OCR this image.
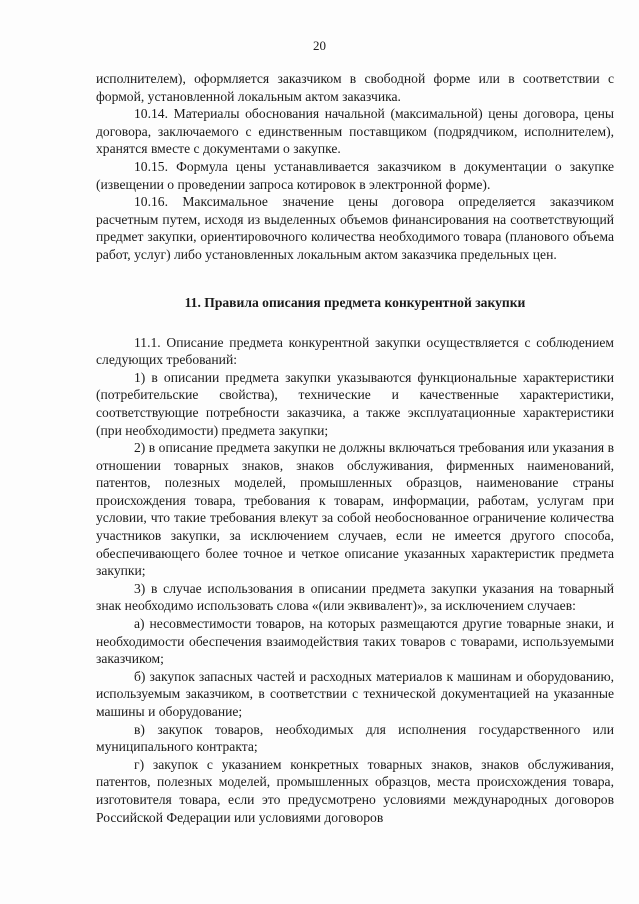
20

исполнителем), оформляется заказчиком в свободной форме или в соответствии с формой, установленной локальным актом заказчика.

10.14. Материалы обоснования начальной (максимальной) цены договора, цены договора, заключаемого с единственным поставщиком (подрядчиком, исполнителем), хранятся вместе с документами о закупке.

10.15. Формула цены устанавливается заказчиком в документации о закупке (извещении о проведении запроса котировок в электронной форме).

10.16. Максимальное значение цены договора определяется заказчиком расчетным путем, исходя из выделенных объемов финансирования на соответствующий предмет закупки, ориентировочного количества необходимого товара (планового объема работ, услуг) либо установленных локальным актом заказчика предельных цен.

11. Правила описания предмета конкурентной закупки

11.1. Описание предмета конкурентной закупки осуществляется с соблюдением следующих требований:

1) в описании предмета закупки указываются функциональные характеристики (потребительские свойства), технические и качественные характеристики, соответствующие потребности заказчика, а также эксплуатационные характеристики (при необходимости) предмета закупки;

2) в описание предмета закупки не должны включаться требования или указания в отношении товарных знаков, знаков обслуживания, фирменных наименований, патентов, полезных моделей, промышленных образцов, наименование страны происхождения товара, требования к товарам, информации, работам, услугам при условии, что такие требования влекут за собой необоснованное ограничение количества участников закупки, за исключением случаев, если не имеется другого способа, обеспечивающего более точное и четкое описание указанных характеристик предмета закупки;

3) в случае использования в описании предмета закупки указания на товарный знак необходимо использовать слова «(или эквивалент)», за исключением случаев:

а) несовместимости товаров, на которых размещаются другие товарные знаки, и необходимости обеспечения взаимодействия таких товаров с товарами, используемыми заказчиком;

б) закупок запасных частей и расходных материалов к машинам и оборудованию, используемым заказчиком, в соответствии с технической документацией на указанные машины и оборудование;

в) закупок товаров, необходимых для исполнения государственного или муниципального контракта;

г) закупок с указанием конкретных товарных знаков, знаков обслуживания, патентов, полезных моделей, промышленных образцов, места происхождения товара, изготовителя товара, если это предусмотрено условиями международных договоров Российской Федерации или условиями договоров
